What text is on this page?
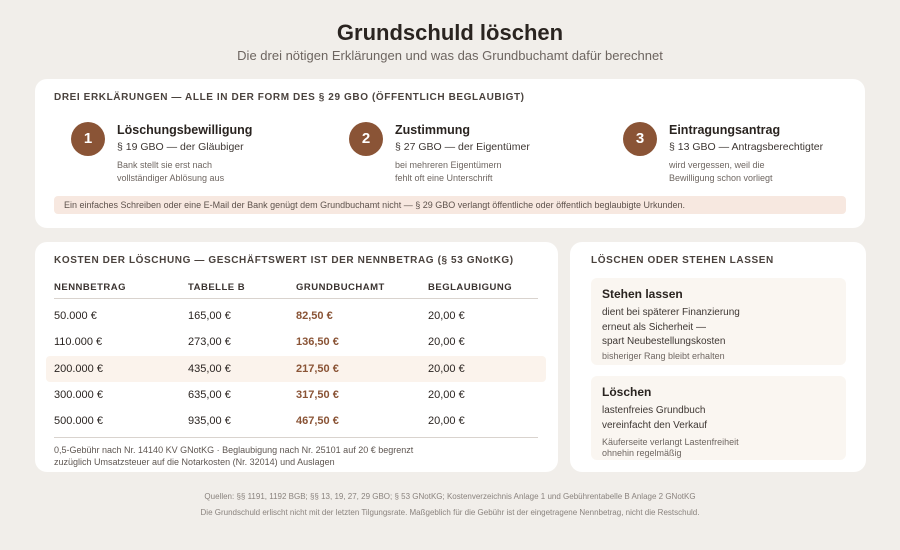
Grundschuld löschen
Die drei nötigen Erklärungen und was das Grundbuchamt dafür berechnet
DREI ERKLÄRUNGEN — ALLE IN DER FORM DES § 29 GBO (ÖFFENTLICH BEGLAUBIGT)
1	Löschungsbewilligung
§ 19 GBO — der Gläubiger
Bank stellt sie erst nach
vollständiger Ablösung aus
2	Zustimmung
§ 27 GBO — der Eigentümer
bei mehreren Eigentümern
fehlt oft eine Unterschrift
3	Eintragungsantrag
§ 13 GBO — Antragsberechtigter
wird vergessen, weil die
Bewilligung schon vorliegt
Ein einfaches Schreiben oder eine E-Mail der Bank genügt dem Grundbuchamt nicht — § 29 GBO verlangt öffentliche oder öffentlich beglaubigte Urkunden.
KOSTEN DER LÖSCHUNG — GESCHÄFTSWERT IST DER NENNBETRAG (§ 53 GNotKG)
NENNBETRAG	TABELLE B	GRUNDBUCHAMT	BEGLAUBIGUNG
50.000 €	165,00 €	82,50 €	20,00 €
110.000 €	273,00 €	136,50 €	20,00 €
200.000 €	435,00 €	217,50 €	20,00 €
300.000 €	635,00 €	317,50 €	20,00 €
500.000 €	935,00 €	467,50 €	20,00 €
0,5-Gebühr nach Nr. 14140 KV GNotKG · Beglaubigung nach Nr. 25101 auf 20 € begrenzt
zuzüglich Umsatzsteuer auf die Notarkosten (Nr. 32014) und Auslagen
LÖSCHEN ODER STEHEN LASSEN
Stehen lassen
dient bei späterer Finanzierung
erneut als Sicherheit —
spart Neubestellungskosten
bisheriger Rang bleibt erhalten
Löschen
lastenfreies Grundbuch
vereinfacht den Verkauf
Käuferseite verlangt Lastenfreiheit
ohnehin regelmäßig
Quellen: §§ 1191, 1192 BGB; §§ 13, 19, 27, 29 GBO; § 53 GNotKG; Kostenverzeichnis Anlage 1 und Gebührentabelle B Anlage 2 GNotKG
Die Grundschuld erlischt nicht mit der letzten Tilgungsrate. Maßgeblich für die Gebühr ist der eingetragene Nennbetrag, nicht die Restschuld.
